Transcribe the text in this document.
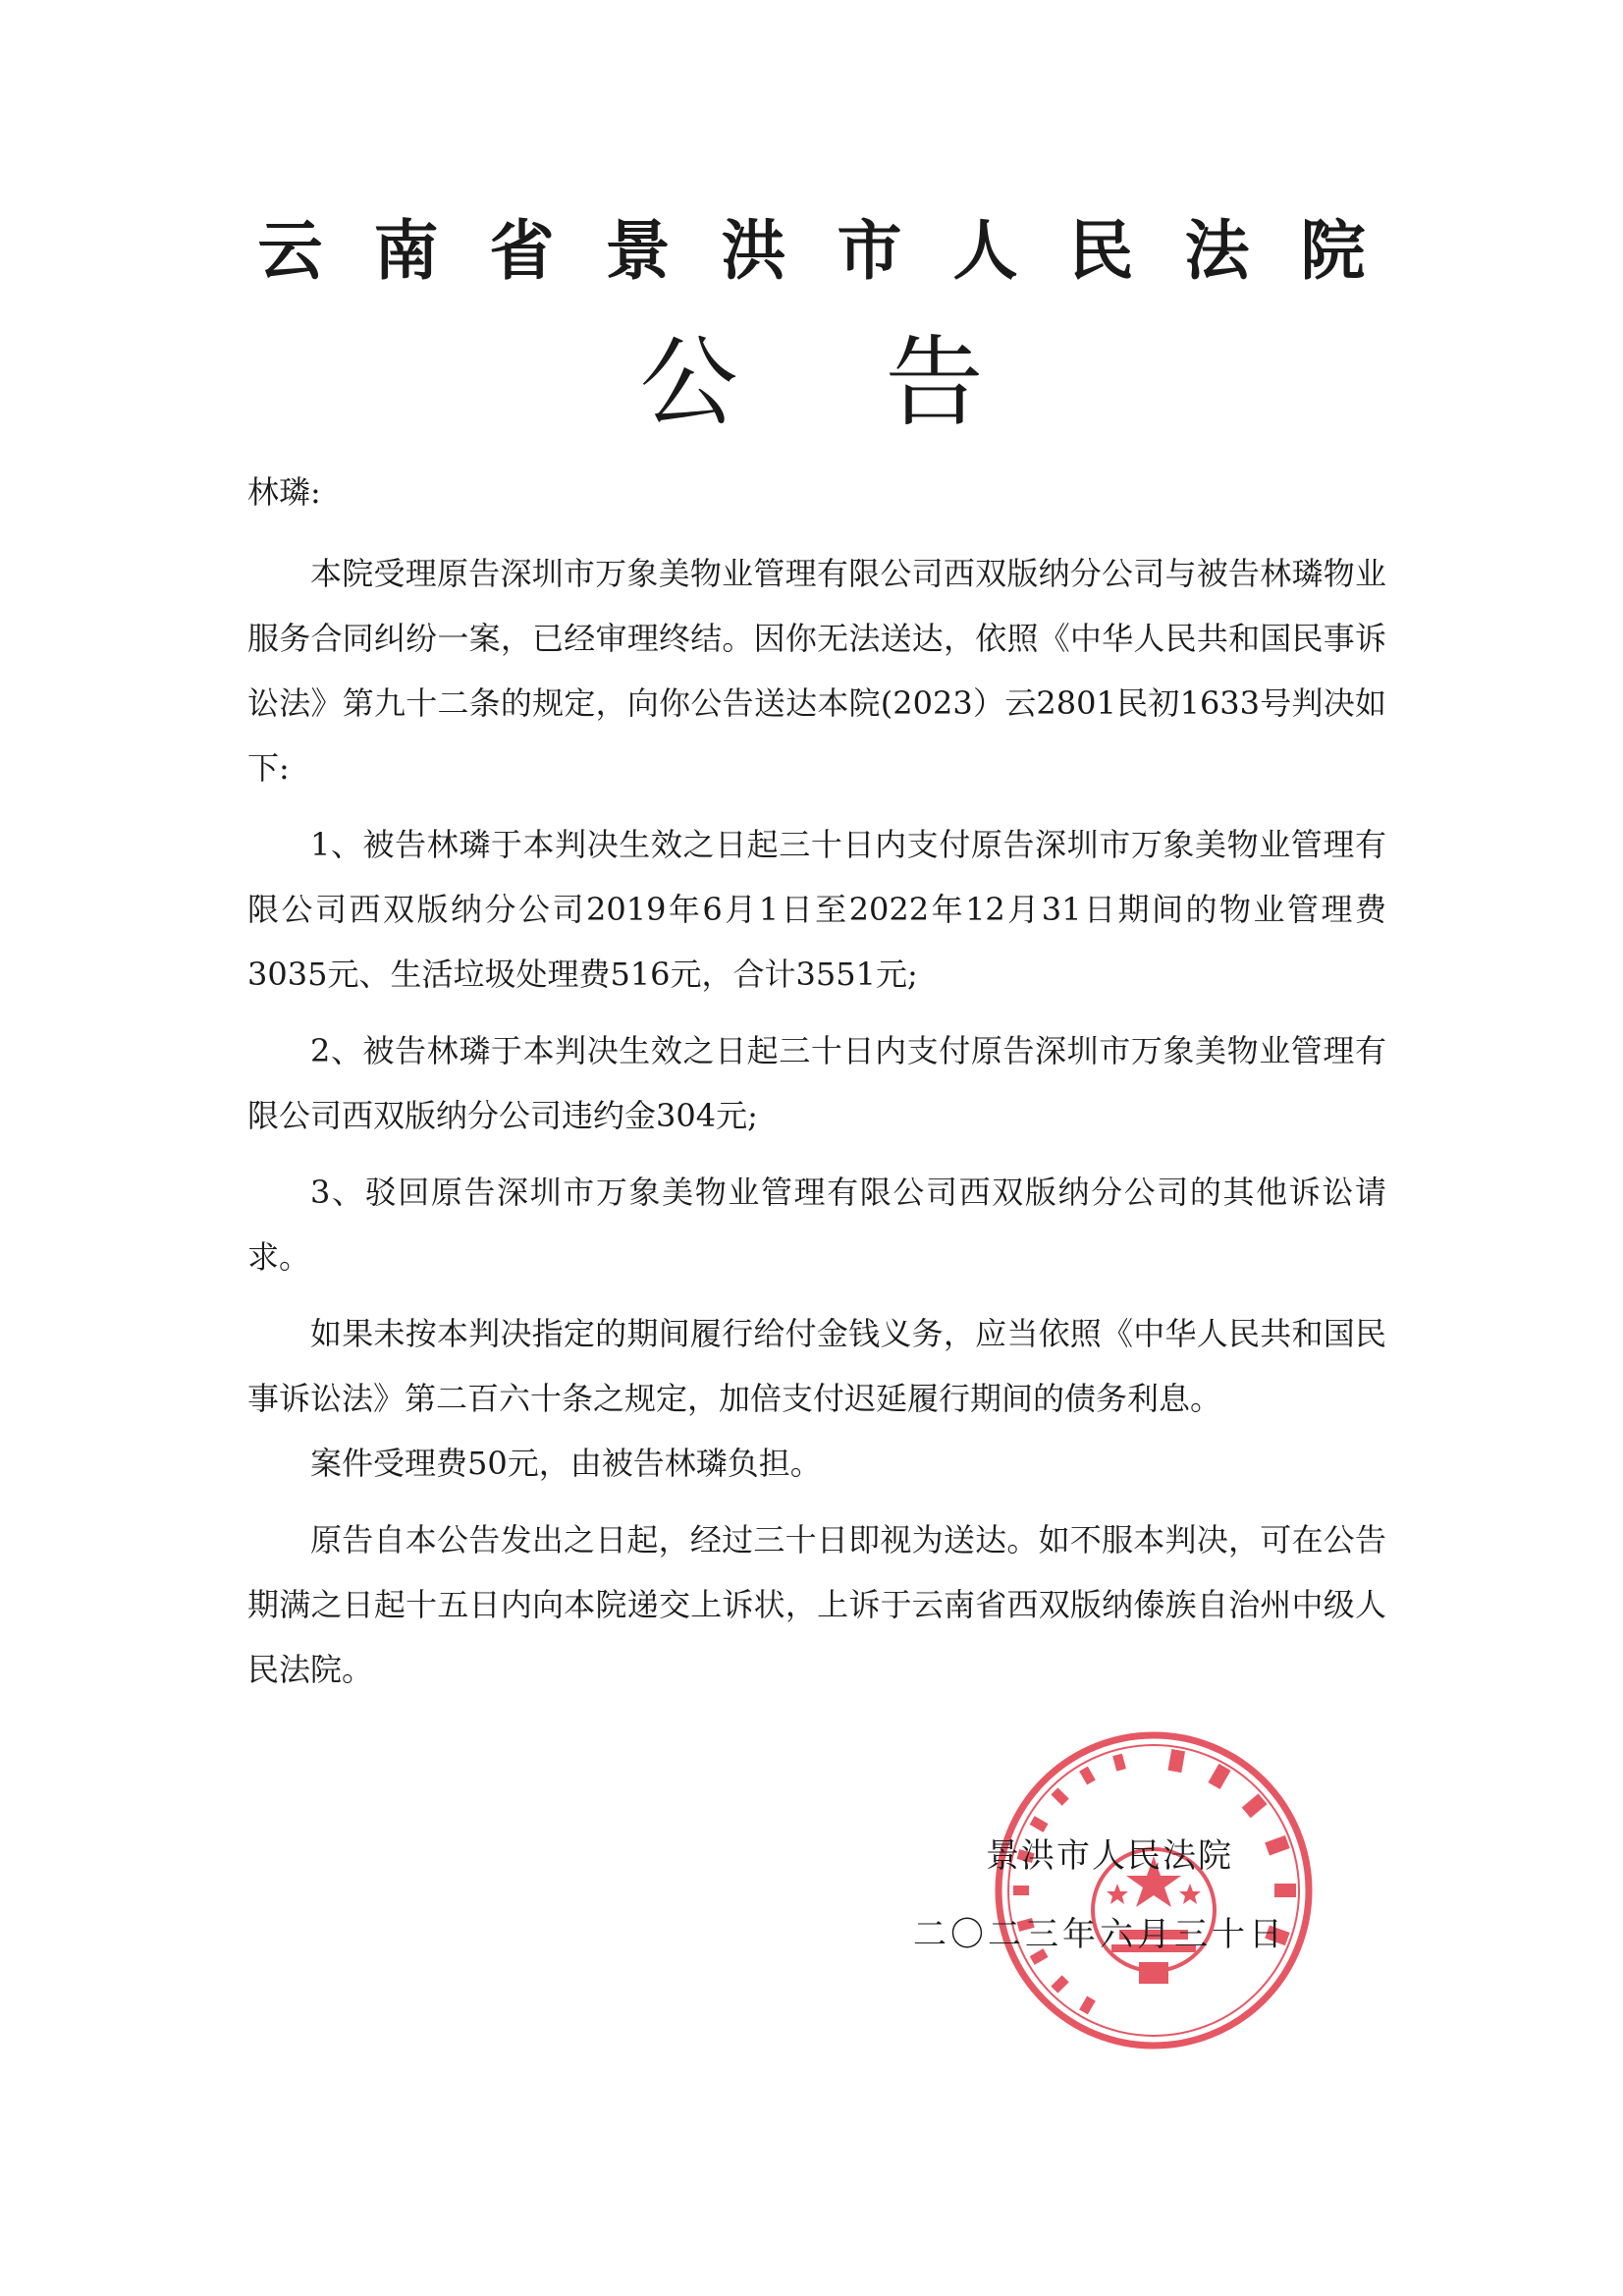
云南省景洪市人民法院
公告

林璘:

本院受理原告深圳市万象美物业管理有限公司西双版纳分公司与被告林璘物业服务合同纠纷一案，已经审理终结。因你无法送达，依照《中华人民共和国民事诉讼法》第九十二条的规定，向你公告送达本院(2023）云2801民初1633号判决如下:

1、被告林璘于本判决生效之日起三十日内支付原告深圳市万象美物业管理有限公司西双版纳分公司2019年6月1日至2022年12月31日期间的物业管理费3035元、生活垃圾处理费516元，合计3551元;

2、被告林璘于本判决生效之日起三十日内支付原告深圳市万象美物业管理有限公司西双版纳分公司违约金304元;

3、驳回原告深圳市万象美物业管理有限公司西双版纳分公司的其他诉讼请求。

如果未按本判决指定的期间履行给付金钱义务，应当依照《中华人民共和国民事诉讼法》第二百六十条之规定，加倍支付迟延履行期间的债务利息。

案件受理费50元，由被告林璘负担。

原告自本公告发出之日起，经过三十日即视为送达。如不服本判决，可在公告期满之日起十五日内向本院递交上诉状，上诉于云南省西双版纳傣族自治州中级人民法院。

景洪市人民法院
二〇二三年六月三十日
